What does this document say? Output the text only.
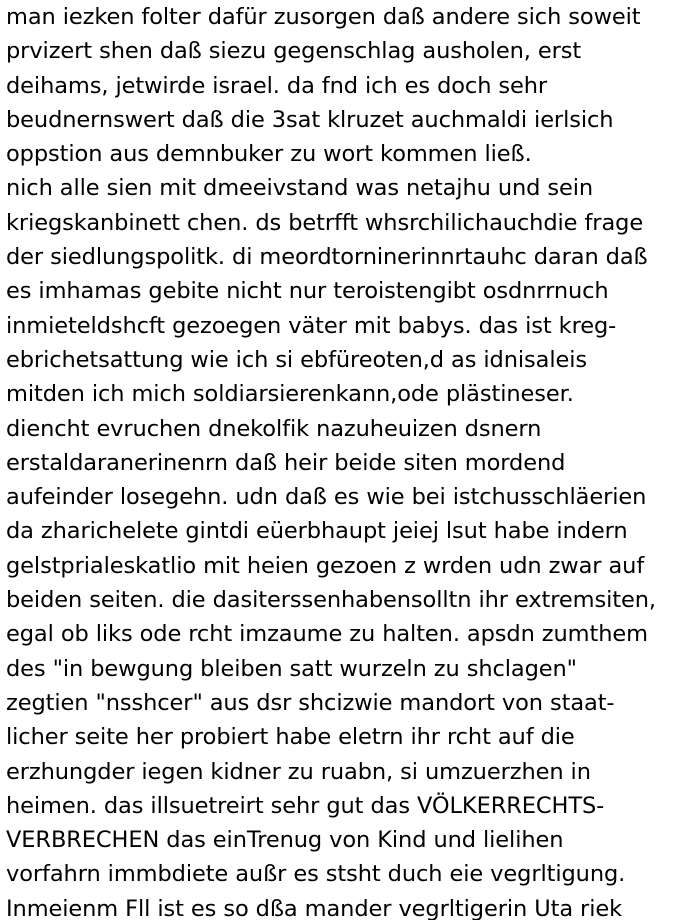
man iezken folter dafür zusorgen daß andere sich soweit
prvizert shen daß siezu gegenschlag ausholen, erst
deihams, jetwirde israel. da fnd ich es doch sehr
beudnernswert daß die 3sat klruzet auchmaldi ierlsich
oppstion aus demnbuker zu wort kommen ließ.
nich alle sien mit dmeeivstand was netajhu und sein
kriegskanbinett chen. ds betrfft whsrchilichauchdie frage
der siedlungspolitk. di meordtorninerinnrtauhc daran daß
es imhamas gebite nicht nur teroistengibt osdnrrnuch
inmieteldshcft gezoegen väter mit babys. das ist kreg-
ebrichetsattung wie ich si ebfüreoten,d as idnisaleis
mitden ich mich soldiarsierenkann,ode plästineser.
diencht evruchen dnekolfik nazuheuizen dsnern
erstaldaranerinenrn daß heir beide siten mordend
aufeinder losegehn. udn daß es wie bei istchusschläerien
da zharichelete gintdi eüerbhaupt jeiej lsut habe indern
gelstprialeskatlio mit heien gezoen z wrden udn zwar auf
beiden seiten. die dasiterssenhabensolltn ihr extremsiten,
egal ob liks ode rcht imzaume zu halten. apsdn zumthem
des "in bewgung bleiben satt wurzeln zu shclagen"
zegtien "nsshcer" aus dsr shcizwie mandort von staat-
licher seite her probiert habe eletrn ihr rcht auf die
erzhungder iegen kidner zu ruabn, si umzuerzhen in
heimen. das illsuetreirt sehr gut das VÖLKERRECHTS-
VERBRECHEN das einTrenug von Kind und lielihen
vorfahrn immbdiete außr es stsht duch eie vegrltigung.
Inmeienm Fll ist es so dßa mander vegrltigerin Uta riek
